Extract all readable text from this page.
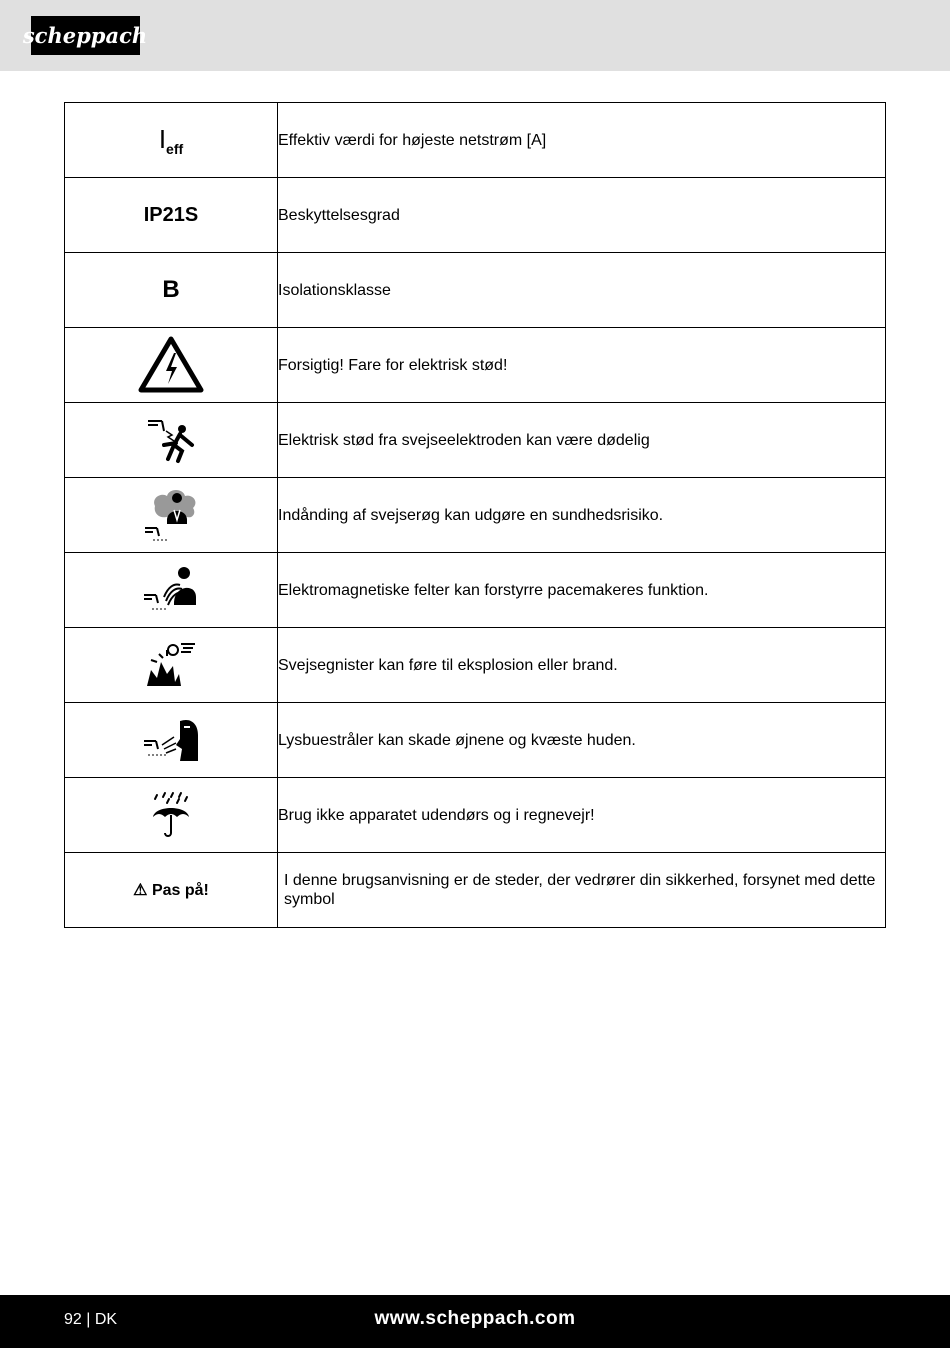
scheppach
$I_{eff}$	Effektiv værdi for højeste netstrøm [A]
IP21S	Beskyttelsesgrad
B	Isolationsklasse
	Forsigtig! Fare for elektrisk stød!
	Elektrisk stød fra svejseelektroden kan være dødelig
	Indånding af svejserøg kan udgøre en sundhedsrisiko.
	Elektromagnetiske felter kan forstyrre pacemakeres funktion.
	Svejsegnister kan føre til eksplosion eller brand.
	Lysbuestråler kan skade øjnene og kvæste huden.
	Brug ikke apparatet udendørs og i regnevejr!
⚠ Pas på!	I denne brugsanvisning er de steder, der vedrører din sikkerhed, forsynet med dette symbol
92 | DK	www.scheppach.com
